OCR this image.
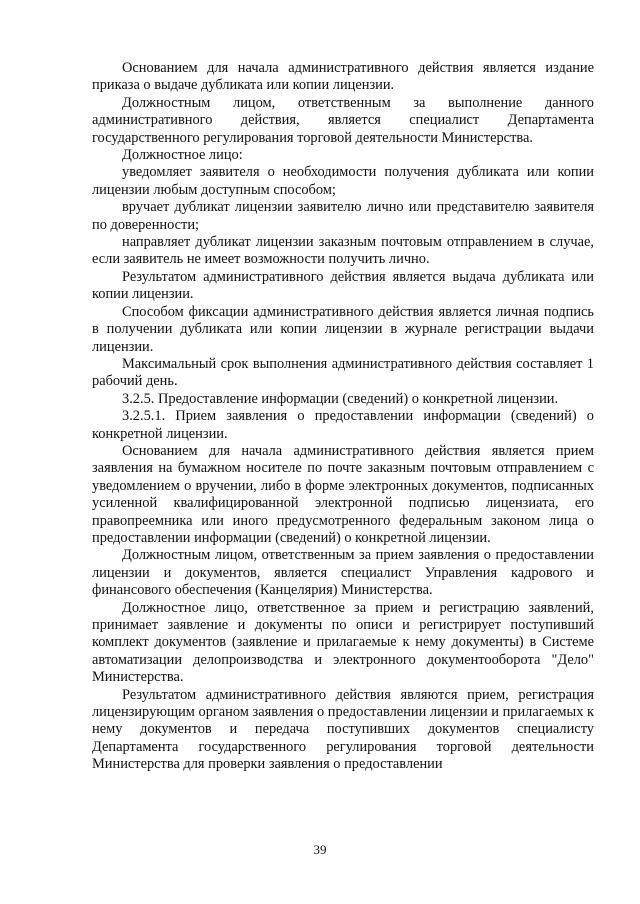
Основанием для начала административного действия является издание приказа о выдаче дубликата или копии лицензии.

Должностным лицом, ответственным за выполнение данного административного действия, является специалист Департамента государственного регулирования торговой деятельности Министерства.

Должностное лицо:

уведомляет заявителя о необходимости получения дубликата или копии лицензии любым доступным способом;

вручает дубликат лицензии заявителю лично или представителю заявителя по доверенности;

направляет дубликат лицензии заказным почтовым отправлением в случае, если заявитель не имеет возможности получить лично.

Результатом административного действия является выдача дубликата или копии лицензии.

Способом фиксации административного действия является личная подпись в получении дубликата или копии лицензии в журнале регистрации выдачи лицензии.

Максимальный срок выполнения административного действия составляет 1 рабочий день.

3.2.5. Предоставление информации (сведений) о конкретной лицензии.

3.2.5.1. Прием заявления о предоставлении информации (сведений) о конкретной лицензии.

Основанием для начала административного действия является прием заявления на бумажном носителе по почте заказным почтовым отправлением с уведомлением о вручении, либо в форме электронных документов, подписанных усиленной квалифицированной электронной подписью лицензиата, его правопреемника или иного предусмотренного федеральным законом лица о предоставлении информации (сведений) о конкретной лицензии.

Должностным лицом, ответственным за прием заявления о предоставлении лицензии и документов, является специалист Управления кадрового и финансового обеспечения (Канцелярия) Министерства.

Должностное лицо, ответственное за прием и регистрацию заявлений, принимает заявление и документы по описи и регистрирует поступивший комплект документов (заявление и прилагаемые к нему документы) в Системе автоматизации делопроизводства и электронного документооборота "Дело" Министерства.

Результатом административного действия являются прием, регистрация лицензирующим органом заявления о предоставлении лицензии и прилагаемых к нему документов и передача поступивших документов специалисту Департамента государственного регулирования торговой деятельности Министерства для проверки заявления о предоставлении

39
